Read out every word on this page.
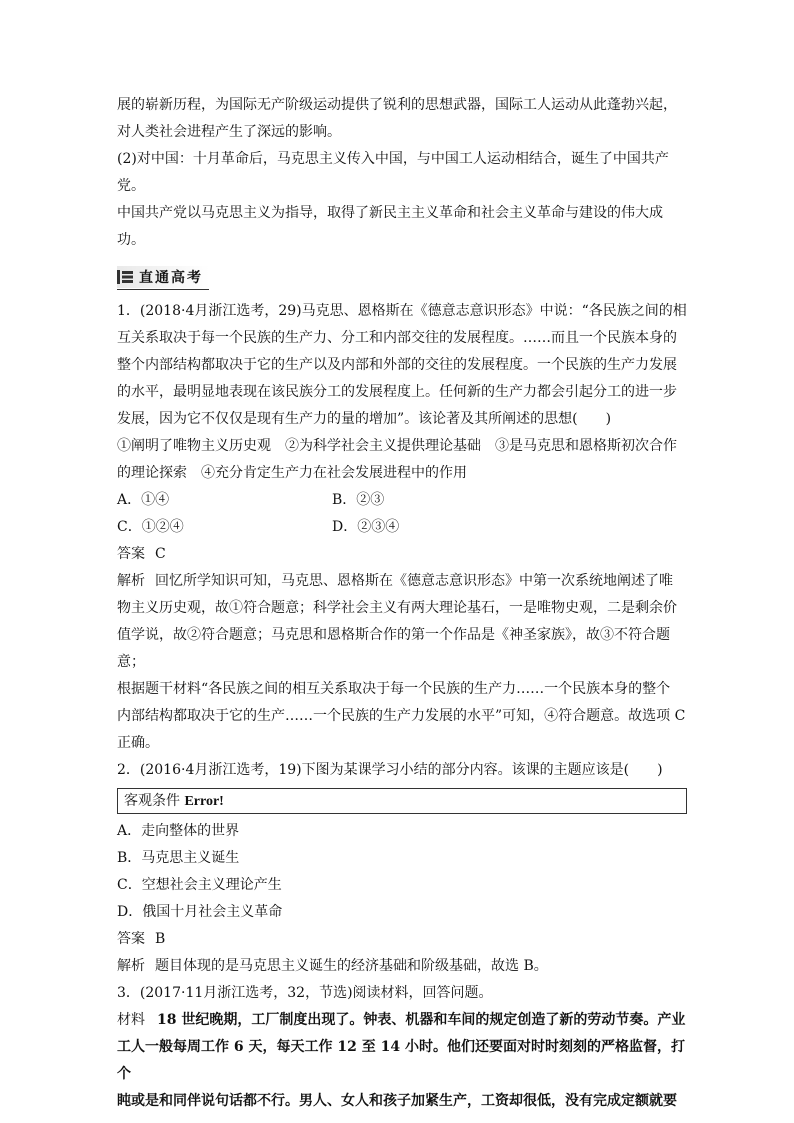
展的崭新历程，为国际无产阶级运动提供了锐利的思想武器，国际工人运动从此蓬勃兴起，

对人类社会进程产生了深远的影响。

(2)对中国：十月革命后，马克思主义传入中国，与中国工人运动相结合，诞生了中国共产党。

中国共产党以马克思主义为指导，取得了新民主主义革命和社会主义革命与建设的伟大成功。

直通高考

1．(2018·4月浙江选考，29)马克思、恩格斯在《德意志意识形态》中说：“各民族之间的相

互关系取决于每一个民族的生产力、分工和内部交往的发展程度。……而且一个民族本身的

整个内部结构都取决于它的生产以及内部和外部的交往的发展程度。一个民族的生产力发展

的水平，最明显地表现在该民族分工的发展程度上。任何新的生产力都会引起分工的进一步

发展，因为它不仅仅是现有生产力的量的增加”。该论著及其所阐述的思想(　　)

①阐明了唯物主义历史观　②为科学社会主义提供理论基础　③是马克思和恩格斯初次合作

的理论探索　④充分肯定生产力在社会发展进程中的作用

A．①④	B．②③

C．①②④	D．②③④

答案 C

解析 回忆所学知识可知，马克思、恩格斯在《德意志意识形态》中第一次系统地阐述了唯

物主义历史观，故①符合题意；科学社会主义有两大理论基石，一是唯物史观，二是剩余价

值学说，故②符合题意；马克思和恩格斯合作的第一个作品是《神圣家族》，故③不符合题意；

根据题干材料“各民族之间的相互关系取决于每一个民族的生产力……一个民族本身的整个

内部结构都取决于它的生产……一个民族的生产力发展的水平”可知，④符合题意。故选项 C

正确。

2．(2016·4月浙江选考，19)下图为某课学习小结的部分内容。该课的主题应该是(　　)

客观条件 Error!

A．走向整体的世界

B．马克思主义诞生

C．空想社会主义理论产生

D．俄国十月社会主义革命

答案 B

解析 题目体现的是马克思主义诞生的经济基础和阶级基础，故选 B。

3．(2017·11月浙江选考，32，节选)阅读材料，回答问题。

材料 18 世纪晚期，工厂制度出现了。钟表、机器和车间的规定创造了新的劳动节奏。产业

工人一般每周工作 6 天，每天工作 12 至 14 小时。他们还要面对时时刻刻的严格监督，打个

盹或是和同伴说句话都不行。男人、女人和孩子加紧生产，工资却很低，没有完成定额就要
